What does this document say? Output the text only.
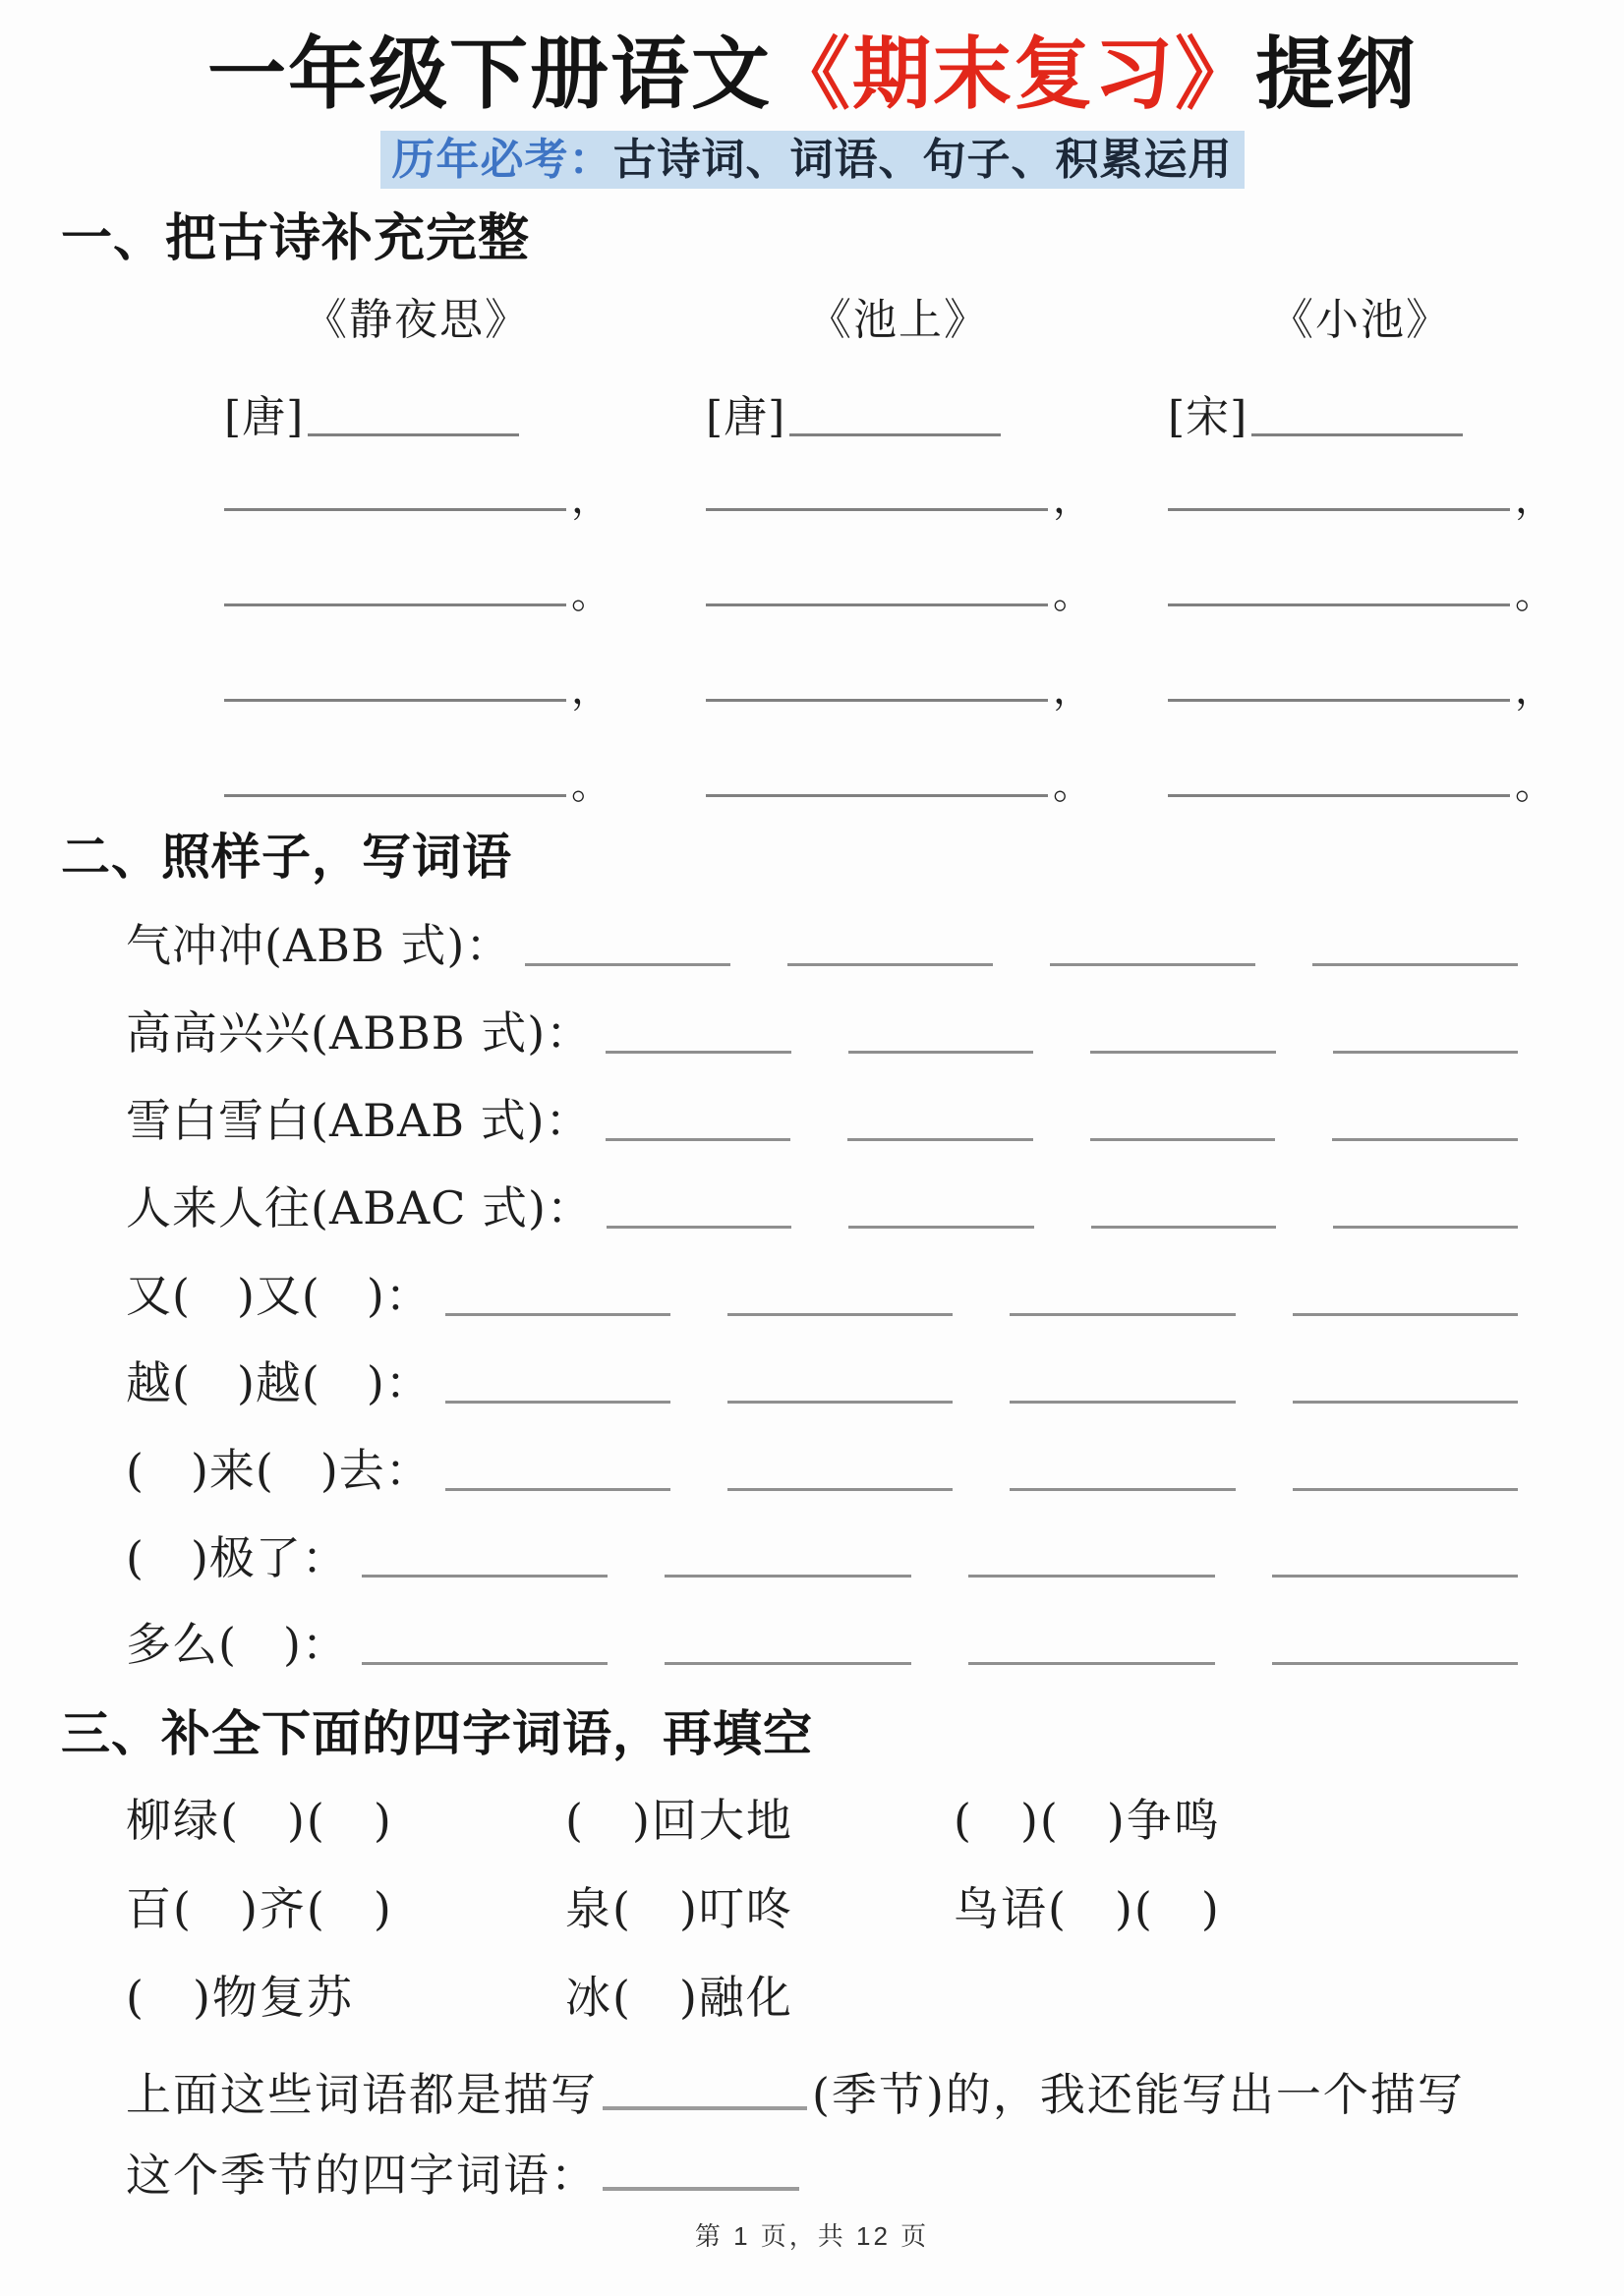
一年级下册语文《期末复习》提纲
历年必考：古诗词、词语、句子、积累运用
一、把古诗补充完整
《静夜思》
[唐]
，
。
，
。
《池上》
[唐]
，
。
，
。
《小池》
[宋]
，
。
，
。
二、照样子，写词语
气冲冲(ABB 式)：
高高兴兴(ABBB 式)：
雪白雪白(ABAB 式)：
人来人往(ABAC 式)：
又(　)又(　)：
越(　)越(　)：
(　)来(　)去：
(　)极了：
多么(　)：
三、补全下面的四字词语，再填空
柳绿(　)(　)	(　)回大地	(　)(　)争鸣
百(　)齐(　)	泉(　)叮咚	鸟语(　)(　)
(　)物复苏	冰(　)融化
上面这些词语都是描写	(季节)的，我还能写出一个描写
这个季节的四字词语：
第 1 页，共 12 页
